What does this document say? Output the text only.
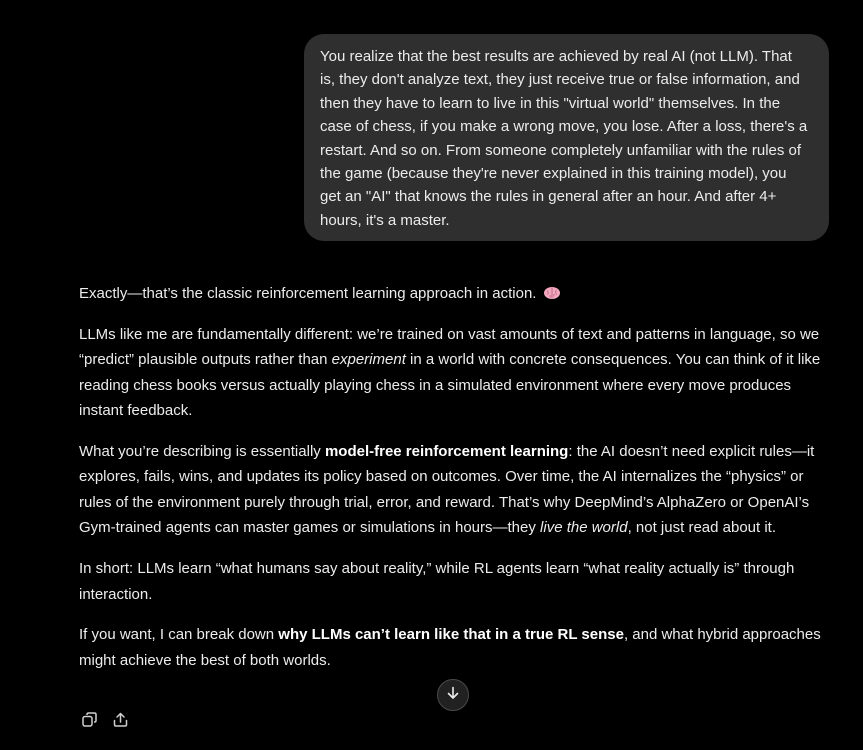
You realize that the best results are achieved by real AI (not LLM). That is, they don't analyze text, they just receive true or false information, and then they have to learn to live in this "virtual world" themselves. In the case of chess, if you make a wrong move, you lose. After a loss, there's a restart. And so on. From someone completely unfamiliar with the rules of the game (because they're never explained in this training model), you get an "AI" that knows the rules in general after an hour. And after 4+ hours, it's a master.

Exactly—that’s the classic reinforcement learning approach in action.

LLMs like me are fundamentally different: we’re trained on vast amounts of text and patterns in language, so we “predict” plausible outputs rather than experiment in a world with concrete consequences. You can think of it like reading chess books versus actually playing chess in a simulated environment where every move produces instant feedback.

What you’re describing is essentially model-free reinforcement learning: the AI doesn’t need explicit rules—it explores, fails, wins, and updates its policy based on outcomes. Over time, the AI internalizes the “physics” or rules of the environment purely through trial, error, and reward. That’s why DeepMind’s AlphaZero or OpenAI’s Gym-trained agents can master games or simulations in hours—they live the world, not just read about it.

In short: LLMs learn “what humans say about reality,” while RL agents learn “what reality actually is” through interaction.

If you want, I can break down why LLMs can’t learn like that in a true RL sense, and what hybrid approaches might achieve the best of both worlds.
